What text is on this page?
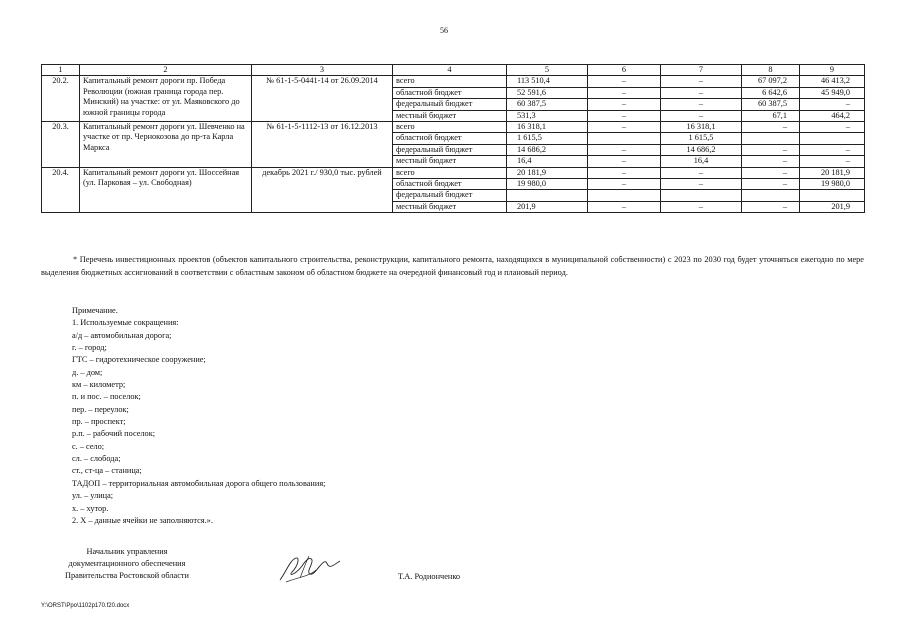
56
1	2	3	4	5	6	7	8	9
20.2.	Капитальный ремонт дороги пр. Победа Революции (южная граница города пер. Минский) на участке: от ул. Маяковского до южной границы города	№ 61-1-5-0441-14 от 26.09.2014	всего	113 510,4	–	–	67 097,2	46 413,2
			областной бюджет	52 591,6	–	–	6 642,6	45 949,0
			федеральный бюджет	60 387,5	–	–	60 387,5	–
			местный бюджет	531,3	–	–	67,1	464,2
20.3.	Капитальный ремонт дороги ул. Шевченко на участке от пр. Чернокозова до пр-та Карла Маркса	№ 61-1-5-1112-13 от 16.12.2013	всего	16 318,1	–	16 318,1	–	–
			областной бюджет	1 615,5		1 615,5		
			федеральный бюджет	14 686,2	–	14 686,2	–	–
			местный бюджет	16,4	–	16,4	–	–
20.4.	Капитальный ремонт дороги ул. Шоссейная (ул. Парковая – ул. Свободная)	декабрь 2021 г./ 930,0 тыс. рублей	всего	20 181,9	–	–	–	20 181,9
			областной бюджет	19 980,0	–	–	–	19 980,0
			федеральный бюджет					
			местный бюджет	201,9	–	–	–	201,9
* Перечень инвестиционных проектов (объектов капитального строительства, реконструкции, капитального ремонта, находящихся в муниципальной собственности) с 2023 по 2030 год будет уточняться ежегодно по мере выделения бюджетных ассигнований в соответствии с областным законом об областном бюджете на очередной финансовый год и плановый период.
Примечание.
1. Используемые сокращения:
а/д – автомобильная дорога;
г. – город;
ГТС – гидротехническое сооружение;
д. – дом;
км – километр;
п. и пос. – поселок;
пер. – переулок;
пр. – проспект;
р.п. – рабочий поселок;
с. – село;
сл. – слобода;
ст., ст-ца – станица;
ТАДОП – территориальная автомобильная дорога общего пользования;
ул. – улица;
х. – хутор.
2. Х – данные ячейки не заполняются.».
Начальник управления
документационного обеспечения
Правительства Ростовской области	Т.А. Родионченко
Y:\ORST\Ppo\1102p170.f20.docx
